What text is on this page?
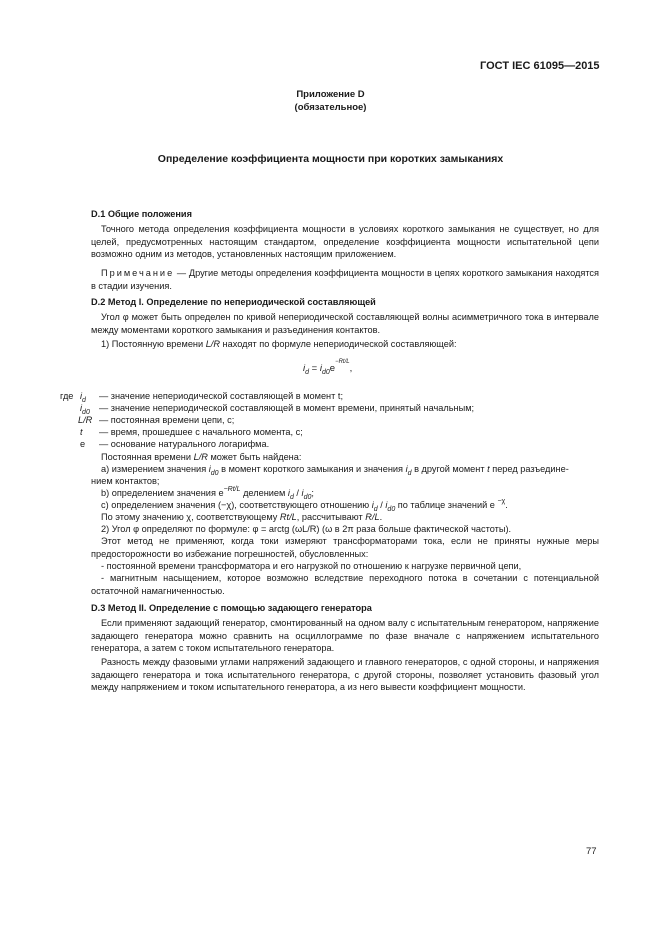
ГОСТ IEC 61095—2015
Приложение D
(обязательное)
Определение коэффициента мощности при коротких замыканиях
D.1 Общие положения
Точного метода определения коэффициента мощности в условиях короткого замыкания не существует, но для целей, предусмотренных настоящим стандартом, определение коэффициента мощности испытательной цепи возможно одним из методов, установленных настоящим приложением.
Примечание — Другие методы определения коэффициента мощности в цепях короткого замыкания находятся в стадии изучения.
D.2 Метод I. Определение по непериодической составляющей
Угол φ может быть определен по кривой непериодической составляющей волны асимметричного тока в интервале между моментами короткого замыкания и разъединения контактов.
1) Постоянную времени L/R находят по формуле непериодической составляющей:
$i_d = i_{d0}e^{-Rt/L}$,
где $i_d$ — значение непериодической составляющей в момент t;
$i_{d0}$ — значение непериодической составляющей в момент времени, принятый начальным;
L/R — постоянная времени цепи, с;
t — время, прошедшее с начального момента, с;
e — основание натурального логарифма.
Постоянная времени L/R может быть найдена:
a) измерением значения $i_{d0}$ в момент короткого замыкания и значения $i_d$ в другой момент t перед разъедине-
нием контактов;
b) определением значения $e^{-Rt/L}$ делением $i_d / i_{d0}$;
c) определением значения (−χ), соответствующего отношению $i_d / i_{d0}$ по таблице значений e $^{-\chi}$.
По этому значению χ, соответствующему Rt/L, рассчитывают R/L.
2) Угол φ определяют по формуле: φ = arctg (ωL/R) (ω в 2π раза больше фактической частоты).
Этот метод не применяют, когда токи измеряют трансформаторами тока, если не приняты нужные меры предосторожности во избежание погрешностей, обусловленных:
- постоянной времени трансформатора и его нагрузкой по отношению к нагрузке первичной цепи,
- магнитным насыщением, которое возможно вследствие переходного потока в сочетании с потенциальной остаточной намагниченностью.
D.3 Метод II. Определение с помощью задающего генератора
Если применяют задающий генератор, смонтированный на одном валу с испытательным генератором, напряжение задающего генератора можно сравнить на осциллограмме по фазе вначале с напряжением испытательного генератора, а затем с током испытательного генератора.
Разность между фазовыми углами напряжений задающего и главного генераторов, с одной стороны, и напряжения задающего генератора и тока испытательного генератора, с другой стороны, позволяет установить фазовый угол между напряжением и током испытательного генератора, а из него вывести коэффициент мощности.
77
